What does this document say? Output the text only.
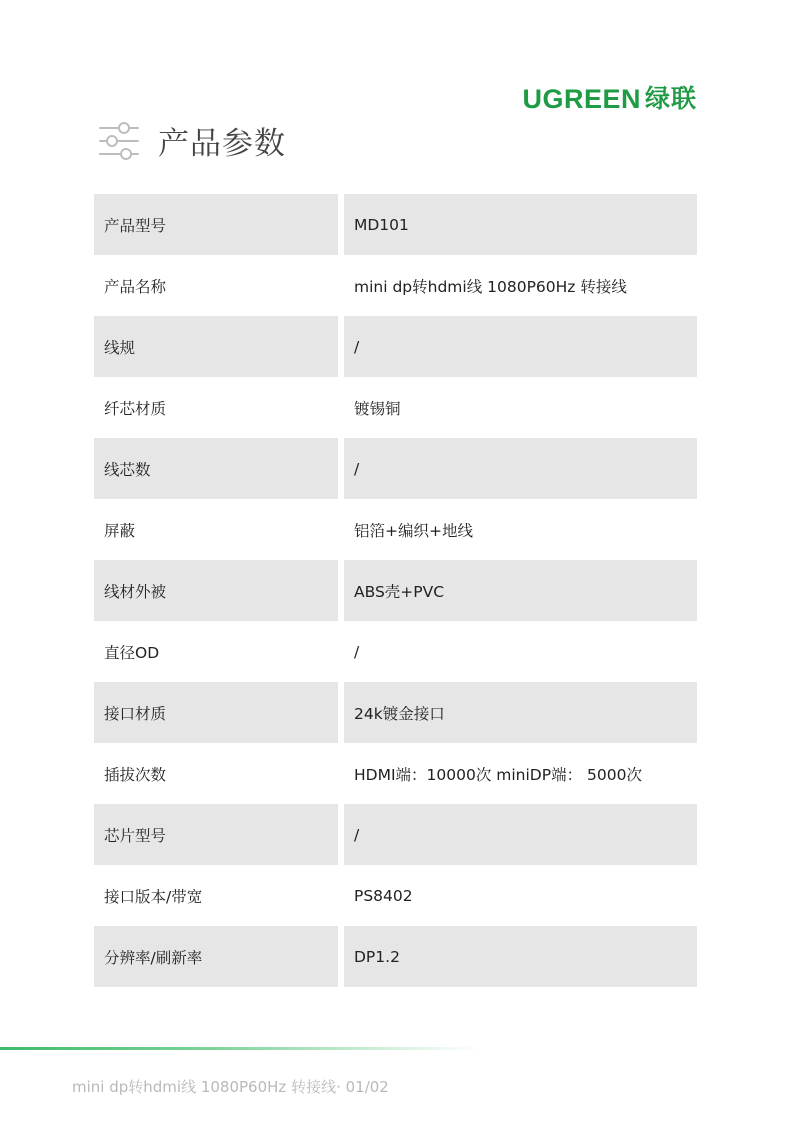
UGREEN 绿联
产品参数
产品型号	MD101
产品名称	mini dp转hdmi线 1080P60Hz 转接线
线规	/
纤芯材质	镀锡铜
线芯数	/
屏蔽	铝箔+编织+地线
线材外被	ABS壳+PVC
直径OD	/
接口材质	24k镀金接口
插拔次数	HDMI端：10000次 miniDP端： 5000次
芯片型号	/
接口版本/带宽	PS8402
分辨率/刷新率	DP1.2
mini dp转hdmi线 1080P60Hz 转接线· 01/02
